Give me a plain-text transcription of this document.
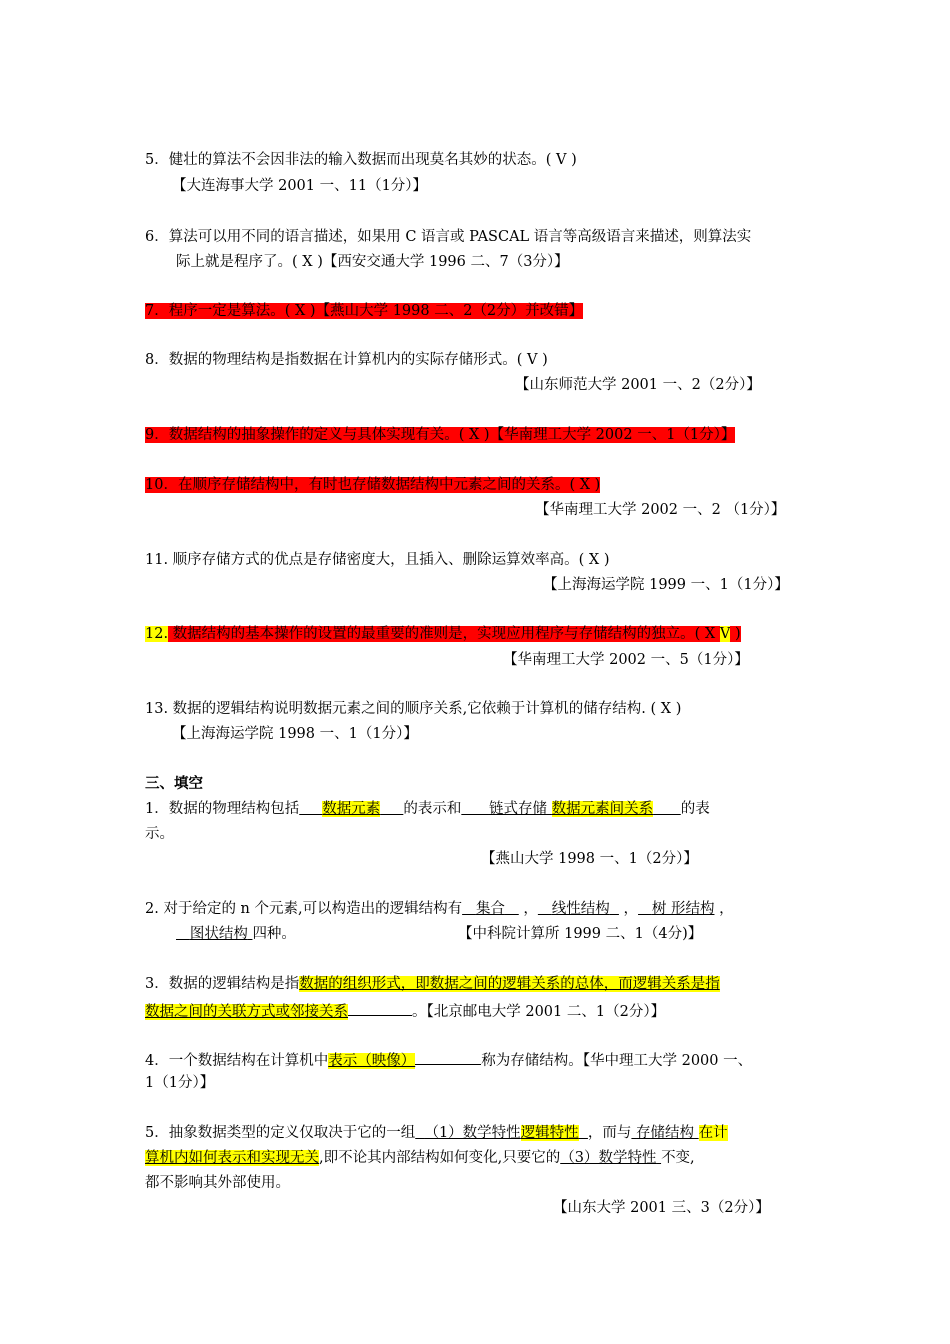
5．健壮的算法不会因非法的输入数据而出现莫名其妙的状态。( V )
【大连海事大学 2001 一、11（1分）】
6．算法可以用不同的语言描述，如果用 C 语言或 PASCAL 语言等高级语言来描述，则算法实
际上就是程序了。( X )【西安交通大学 1996 二、7（3分）】
7．程序一定是算法。( X )【燕山大学 1998 二、2（2分）并改错】
8．数据的物理结构是指数据在计算机内的实际存储形式。( V )
【山东师范大学 2001 一、2（2分）】
9．数据结构的抽象操作的定义与具体实现有关。( X )【华南理工大学 2002 一、1（1分）】
10．在顺序存储结构中，有时也存储数据结构中元素之间的关系。( X )
【华南理工大学 2002 一、2 （1分）】
11. 顺序存储方式的优点是存储密度大，且插入、删除运算效率高。( X )
【上海海运学院 1999 一、1（1分）】
12. 数据结构的基本操作的设置的最重要的准则是，实现应用程序与存储结构的独立。( X V )
【华南理工大学 2002 一、5（1分）】
13. 数据的逻辑结构说明数据元素之间的顺序关系,它依赖于计算机的储存结构. ( X )
【上海海运学院 1998 一、1（1分）】
三、填空
1．数据的物理结构包括 数据元素 的表示和 链式存储 数据元素间关系 的表
示。
【燕山大学 1998 一、1（2分）】
2. 对于给定的 n 个元素,可以构造出的逻辑结构有 集合    ， 线性结构   ， 树 形结构 ，
图状结构 四种。	【中科院计算所 1999 二、1（4分)】
3．数据的逻辑结构是指数据的组织形式，即数据之间的逻辑关系的总体，而逻辑关系是指
数据之间的关联方式或邻接关系	。【北京邮电大学 2001 二、1（2分）】
4．一个数据结构在计算机中表示（映像）	称为存储结构。【华中理工大学 2000 一、
1（1分）】
5．抽象数据类型的定义仅取决于它的一组 （1）数学特性逻辑特性 ，而与 存储结构 在计
算机内如何表示和实现无关,即不论其内部结构如何变化,只要它的（3）数学特性 不变,
都不影响其外部使用。
【山东大学 2001 三、3（2分）】
